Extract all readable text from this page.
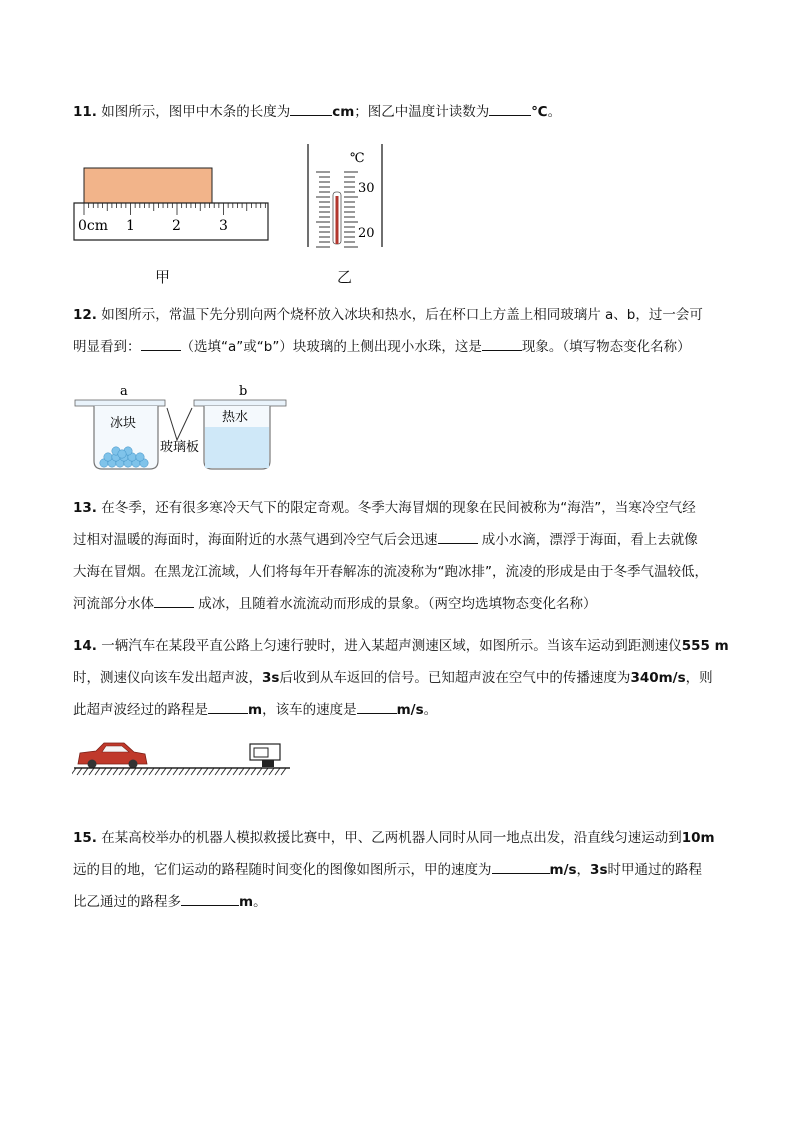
11. 如图所示，图甲中木条的长度为	cm；图乙中温度计读数为	℃。
0cm 1	2	3
甲
℃
30
20
乙
12. 如图所示，常温下先分别向两个烧杯放入冰块和热水，后在杯口上方盖上相同玻璃片 a、b，过一会可
明显看到：	（选填“a”或“b”）块玻璃的上侧出现小水珠，这是	现象。（填写物态变化名称）
a	b
冰块	热水
玻璃板
13. 在冬季，还有很多寒冷天气下的限定奇观。冬季大海冒烟的现象在民间被称为“海浩”，当寒冷空气经
过相对温暖的海面时，海面附近的水蒸气遇到冷空气后会迅速	成小水滴，漂浮于海面，看上去就像
大海在冒烟。在黑龙江流域，人们将每年开春解冻的流凌称为“跑冰排”，流凌的形成是由于冬季气温较低，
河流部分水体	成冰，且随着水流流动而形成的景象。（两空均选填物态变化名称）
14. 一辆汽车在某段平直公路上匀速行驶时，进入某超声测速区域，如图所示。当该车运动到距测速仪555 m
时，测速仪向该车发出超声波，3s后收到从车返回的信号。已知超声波在空气中的传播速度为340m/s，则
此超声波经过的路程是	m，该车的速度是	m/s。
15. 在某高校举办的机器人模拟救援比赛中，甲、乙两机器人同时从同一地点出发，沿直线匀速运动到10m
远的目的地，它们运动的路程随时间变化的图像如图所示，甲的速度为	m/s，3s时甲通过的路程
比乙通过的路程多	m。
